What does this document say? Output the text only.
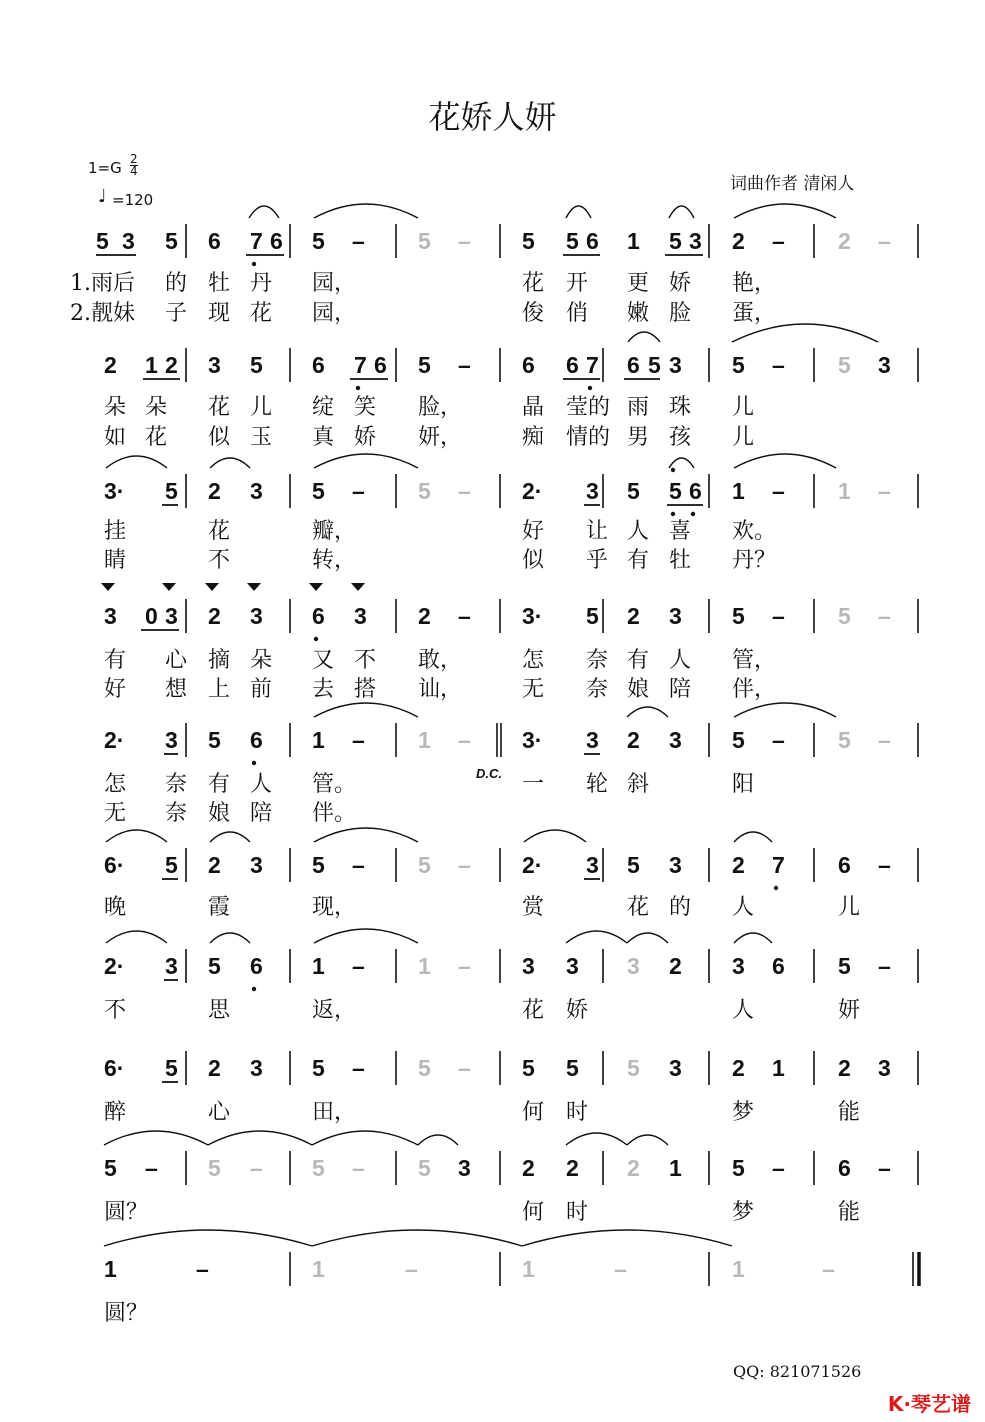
花娇人妍
$1=G \frac{2}{4}$
♩ =120
词曲作者 清闲人
D.C.
QQ: 821071526
K·琴艺谱
5 3 5 6 7 6 5 – 5 – 5 5 6 1 5 3 2 – 2 –
1.雨后 的 牡 丹 园，	花 开 更 娇 艳，
2.靓妹 子 现 花 园，	俊 俏 嫩 脸 蛋，
2 1 2 3 5 6 7 6 5 – 6 6 7 6 5 3 5 – 5 3
朵 朵 花 儿 绽 笑 脸，	晶 莹的 雨 珠 儿
如 花 似 玉 真 娇 妍，	痴 情的 男 孩 儿
3· 5 2 3 5 – 5 – 2· 3 5 5 6 1 – 1 –
挂	花	瓣，	好 让 人 喜 欢。
睛	不	转，	似 乎 有 牡 丹？
3 0 3 2 3 6 3 2 – 3· 5 2 3 5 – 5 –
有 心 摘 朵 又 不 敢，	怎 奈 有 人 管，
好 想 上 前 去 搭 讪，	无 奈 娘 陪 伴，
2· 3 5 6 1 – 1 – 3· 3 2 3 5 – 5 –
怎 奈 有 人 管。	一 轮 斜	阳
无 奈 娘 陪 伴。
6· 5 2 3 5 – 5 – 2· 3 5 3 2 7 6 –
晚	霞	现，	赏	花 的 人	儿
2· 3 5 6 1 – 1 – 3 3 3 2 3 6 5 –
不	思	返，	花 娇	人	妍
6· 5 2 3 5 – 5 – 5 5 5 3 2 1 2 3
醉	心	田，	何 时	梦	能
5 – 5 – 5 – 5 3 2 2 2 1 5 – 6 –
圆？	何 时	梦	能
1	–	1	–	1	–	1	–
圆？
